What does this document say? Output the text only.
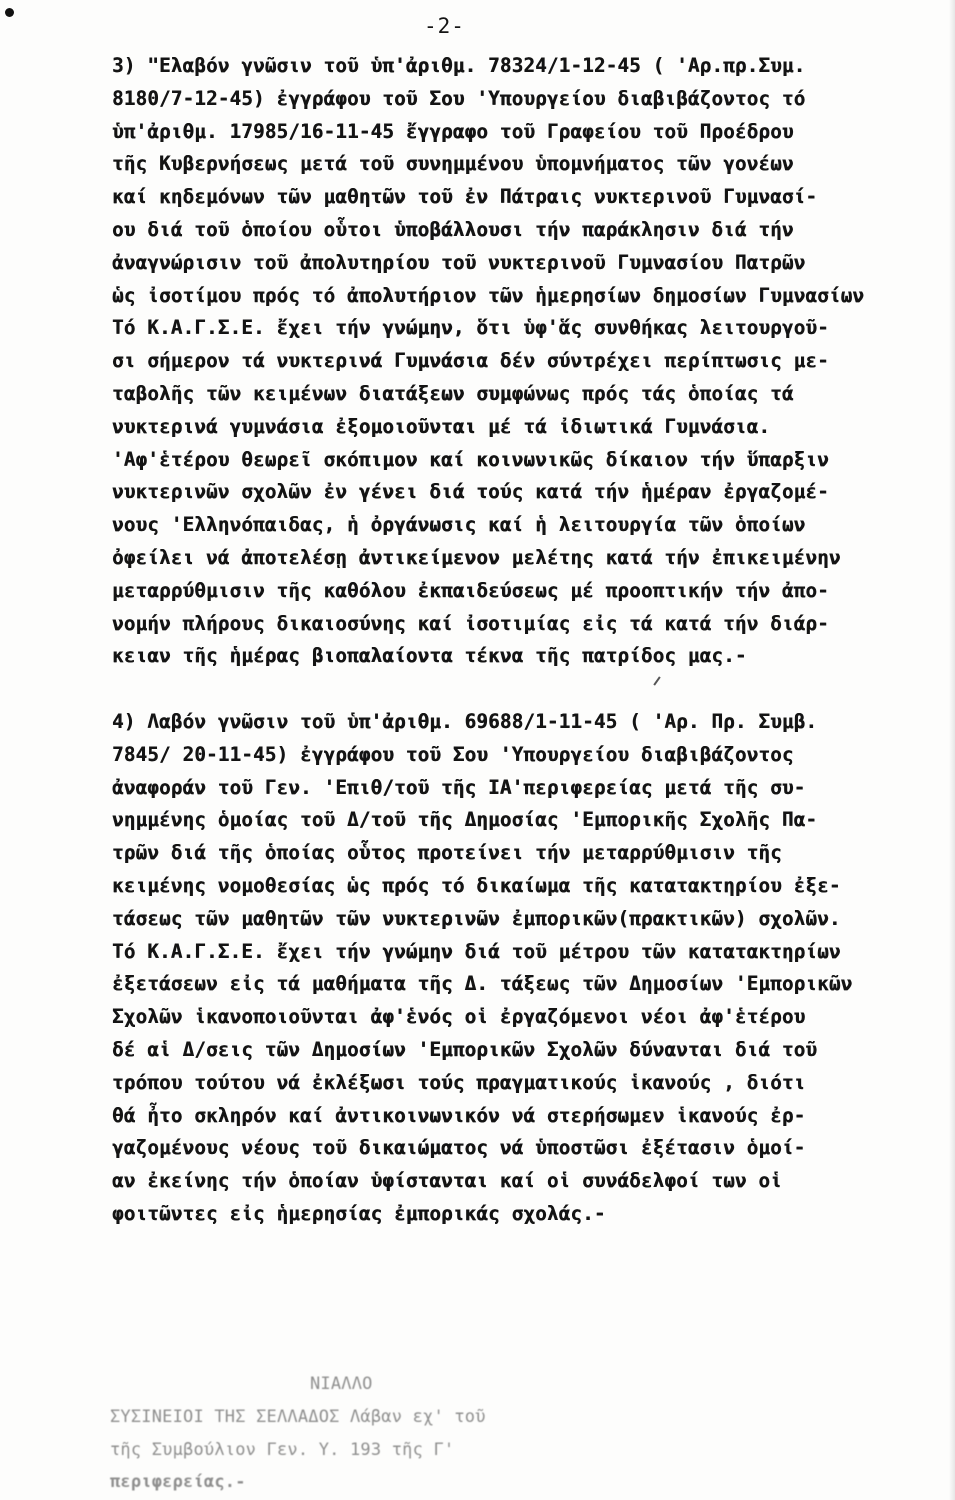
-2-
3) "Ελαβόν γνῶσιν τοῦ ὑπ'ἀριθμ. 78324/1-12-45 ( 'Αρ.πρ.Συμ.
8180/7-12-45) ἐγγράφου τοῦ Σου 'Υπουργείου διαβιβάζοντος τό
ὑπ'ἀριθμ. 17985/16-11-45 ἔγγραφο τοῦ Γραφείου τοῦ Προέδρου
τῆς Κυβερνήσεως μετά τοῦ συνημμένου ὑπομνήματος τῶν γονέων
καί κηδεμόνων τῶν μαθητῶν τοῦ ἐν Πάτραις νυκτερινοῦ Γυμνασί-
ου διά τοῦ ὁποίου οὗτοι ὑποβάλλουσι τήν παράκλησιν διά τήν
ἀναγνώρισιν τοῦ ἀπολυτηρίου τοῦ νυκτερινοῦ Γυμνασίου Πατρῶν
ὡς ἰσοτίμου πρός τό ἀπολυτήριον τῶν ἡμερησίων δημοσίων Γυμνασίων
Τό Κ.Α.Γ.Σ.Ε. ἔχει τήν γνώμην, ὅτι ὑφ'ἅς συνθήκας λειτουργοῦ-
σι σήμερον τά νυκτερινά Γυμνάσια δέν σύντρέχει περίπτωσις με-
ταβολῆς τῶν κειμένων διατάξεων συμφώνως πρός τάς ὁποίας τά
νυκτερινά γυμνάσια ἐξομοιοῦνται μέ τά ἰδιωτικά Γυμνάσια.
'Αφ'ἑτέρου θεωρεῖ σκόπιμον καί κοινωνικῶς δίκαιον τήν ὕπαρξιν
νυκτερινῶν σχολῶν ἐν γένει διά τούς κατά τήν ἡμέραν ἐργαζομέ-
νους 'Ελληνόπαιδας, ἡ ὀργάνωσις καί ἡ λειτουργία τῶν ὁποίων
ὀφείλει νά ἀποτελέσῃ ἀντικείμενον μελέτης κατά τήν ἐπικειμένην
μεταρρύθμισιν τῆς καθόλου ἐκπαιδεύσεως μέ προοπτικήν τήν ἀπο-
νομήν πλήρους δικαιοσύνης καί ἰσοτιμίας εἰς τά κατά τήν διάρ-
κειαν τῆς ἡμέρας βιοπαλαίοντα τέκνα τῆς πατρίδος μας.-
4) Λαβόν γνῶσιν τοῦ ὑπ'ἀριθμ. 69688/1-11-45 ( 'Αρ. Πρ. Συμβ.
7845/ 20-11-45) ἐγγράφου τοῦ Σου 'Υπουργείου διαβιβάζοντος
ἀναφοράν τοῦ Γεν. 'Επιθ/τοῦ τῆς ΙΑ'περιφερείας μετά τῆς συ-
νημμένης ὁμοίας τοῦ Δ/τοῦ τῆς Δημοσίας 'Εμπορικῆς Σχολῆς Πα-
τρῶν διά τῆς ὁποίας οὗτος προτείνει τήν μεταρρύθμισιν τῆς
κειμένης νομοθεσίας ὡς πρός τό δικαίωμα τῆς κατατακτηρίου ἐξε-
τάσεως τῶν μαθητῶν τῶν νυκτερινῶν ἐμπορικῶν(πρακτικῶν) σχολῶν.
Τό Κ.Α.Γ.Σ.Ε. ἔχει τήν γνώμην διά τοῦ μέτρου τῶν κατατακτηρίων
ἐξετάσεων εἰς τά μαθήματα τῆς Δ. τάξεως τῶν Δημοσίων 'Εμπορικῶν
Σχολῶν ἱκανοποιοῦνται ἀφ'ἑνός οἱ ἐργαζόμενοι νέοι ἀφ'ἑτέρου
δέ αἱ Δ/σεις τῶν Δημοσίων 'Εμπορικῶν Σχολῶν δύνανται διά τοῦ
τρόπου τούτου νά ἐκλέξωσι τούς πραγματικούς ἱκανούς , διότι
θά ἦτο σκληρόν καί ἀντικοινωνικόν νά στερήσωμεν ἱκανούς ἐρ-
γαζομένους νέους τοῦ δικαιώματος νά ὑποστῶσι ἐξέτασιν ὁμοί-
αν ἐκείνης τήν ὁποίαν ὑφίστανται καί οἱ συνάδελφοί των οἱ
φοιτῶντες εἰς ἡμερησίας ἐμπορικάς σχολάς.-
ΝΙΑΛΛΟ
ΣΥΣΙΝΕΙΟΙ ΤΗΣ ΣΕΛΛΑΔΟΣ Λάβαν εχ' τοῦ
τῆς Συμβούλιον Γεν. Υ. 193 τῆς Γ'
περιφερείας.-
